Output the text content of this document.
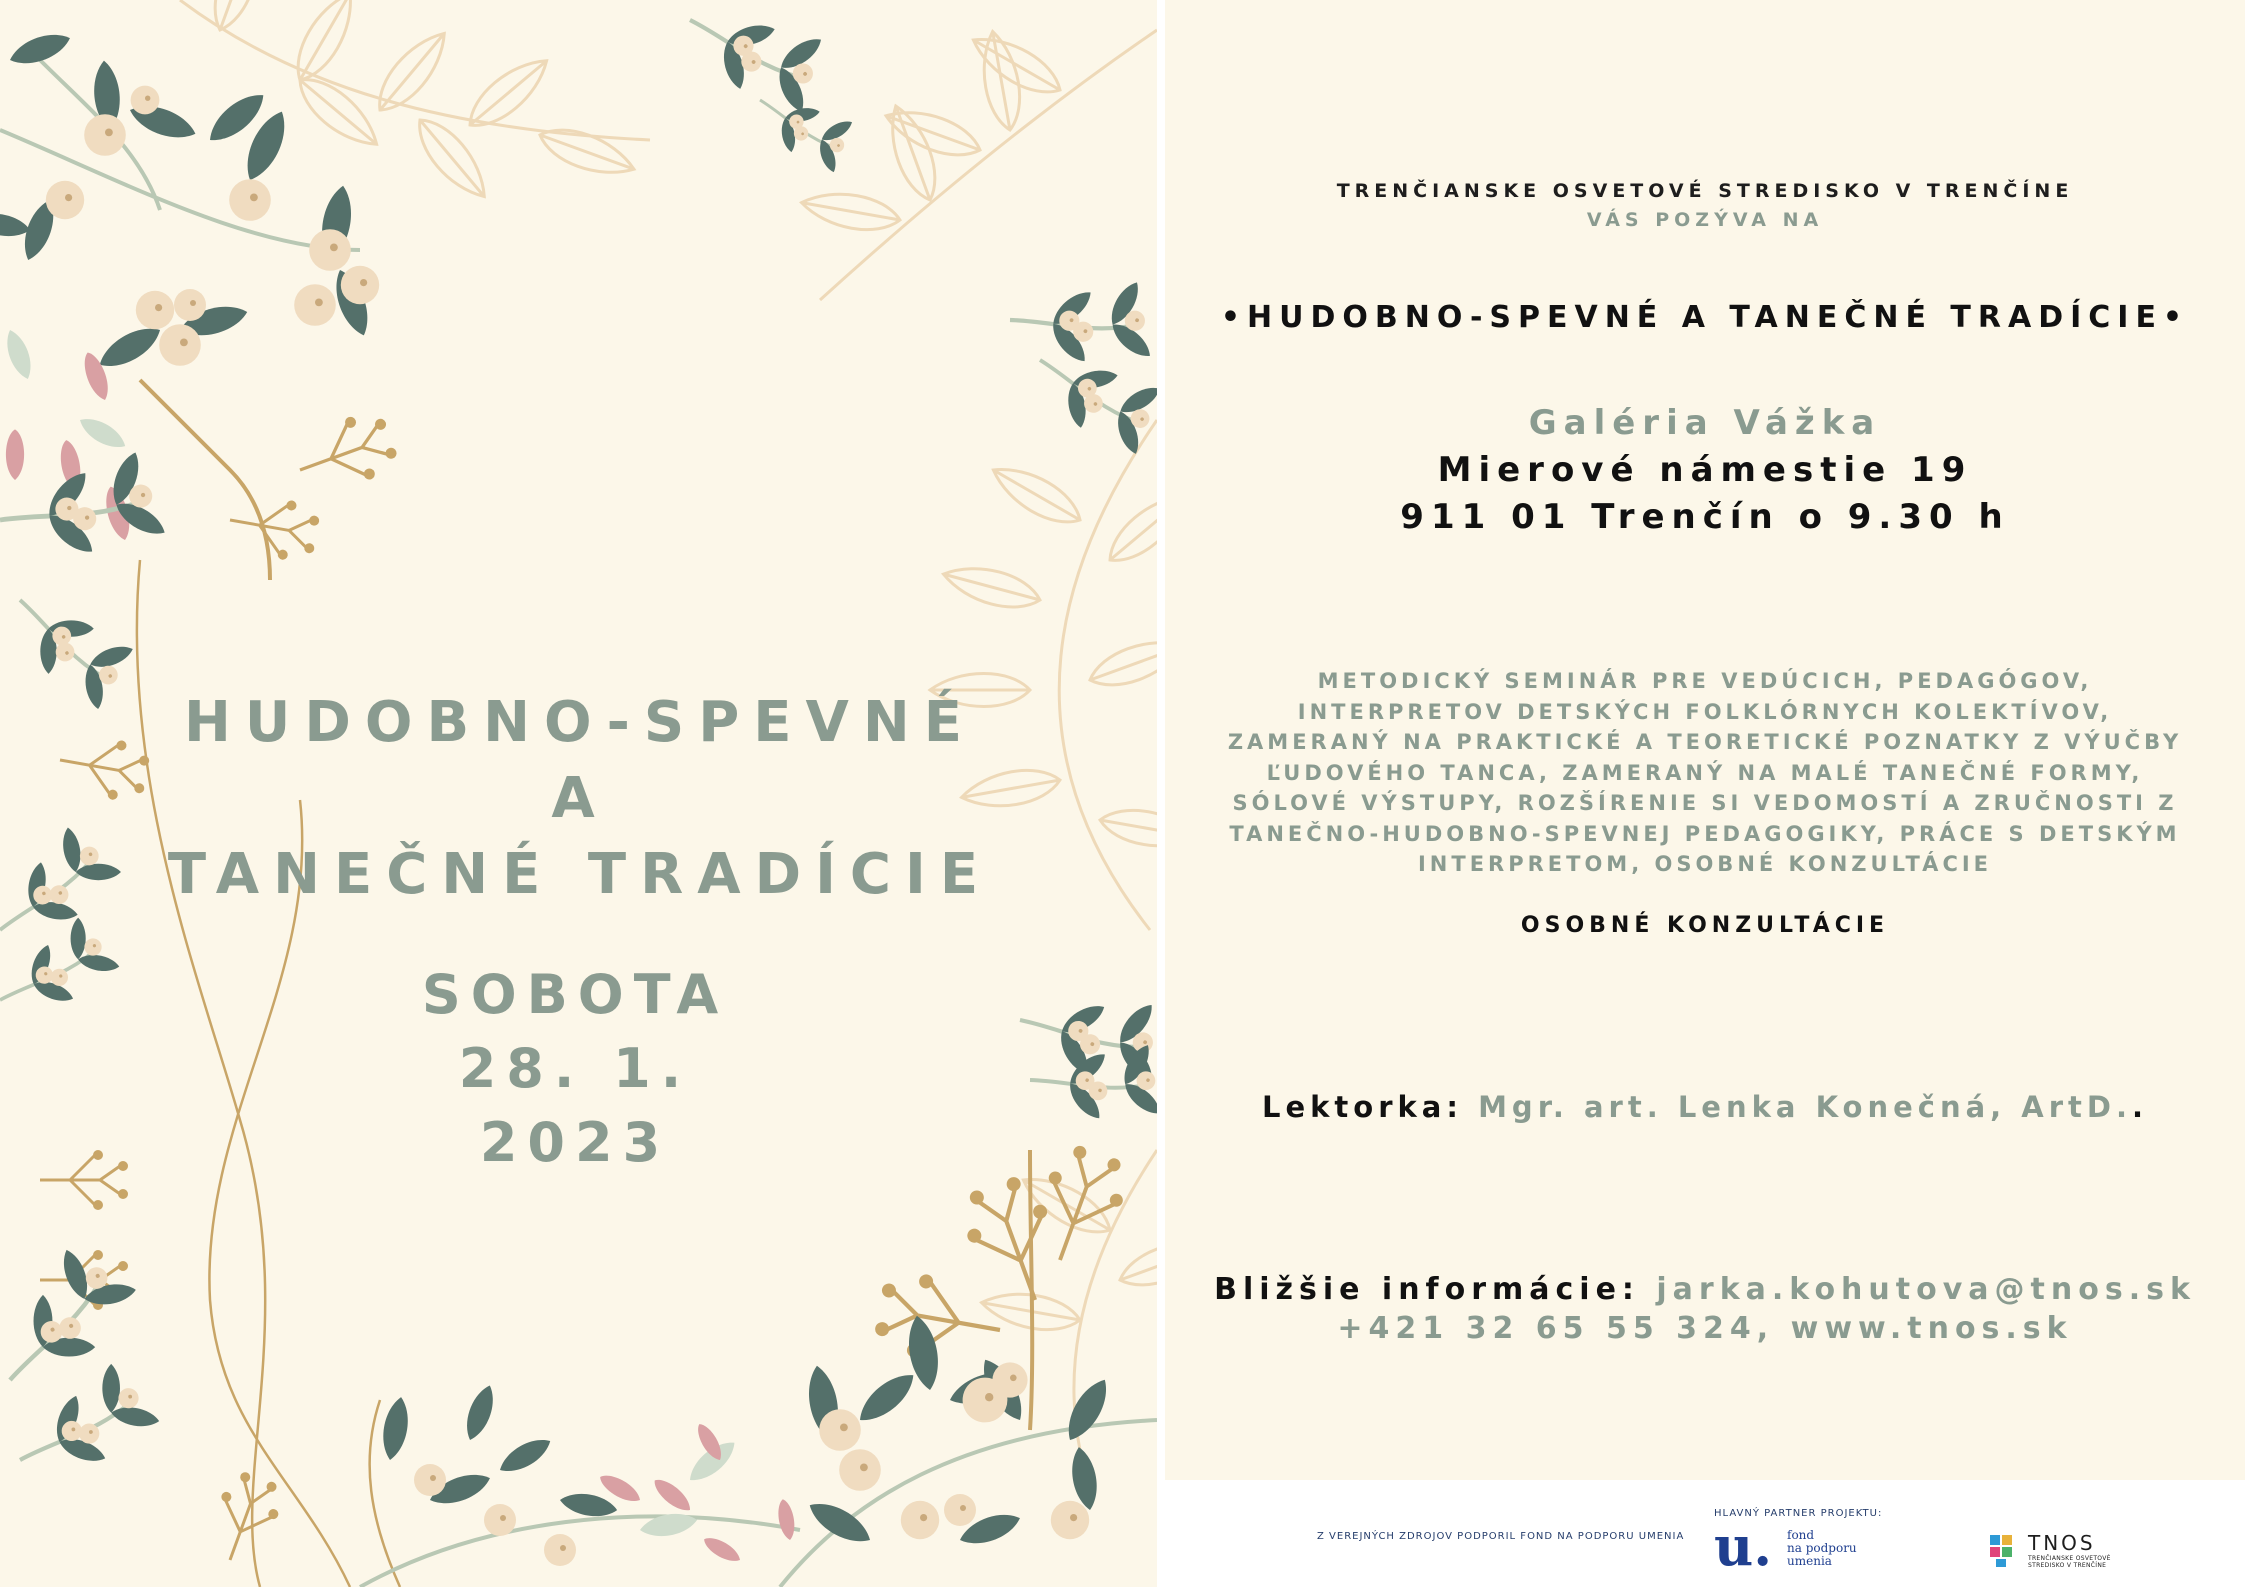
HUDOBNO-SPEVNÉ

A

TANEČNÉ TRADÍCIE

SOBOTA
28. 1.
2023

TRENČIANSKE OSVETOVÉ STREDISKO V TRENČÍNE

VÁS POZÝVA NA

•HUDOBNO-SPEVNÉ A TANEČNÉ TRADÍCIE•

Galéria Vážka

Mierové námestie 19

911 01 Trenčín o 9.30 h

METODICKÝ SEMINÁR PRE VEDÚCICH, PEDAGÓGOV,
INTERPRETOV DETSKÝCH FOLKLÓRNYCH KOLEKTÍVOV,
ZAMERANÝ NA PRAKTICKÉ A TEORETICKÉ POZNATKY Z VÝUČBY
ĽUDOVÉHO TANCA, ZAMERANÝ NA MALÉ TANEČNÉ FORMY,
SÓLOVÉ VÝSTUPY, ROZŠÍRENIE SI VEDOMOSTÍ A ZRUČNOSTI Z
TANEČNO-HUDOBNO-SPEVNEJ PEDAGOGIKY, PRÁCE S DETSKÝM
INTERPRETOM, OSOBNÉ KONZULTÁCIE

OSOBNÉ KONZULTÁCIE

Lektorka: Mgr. art. Lenka Konečná, ArtD..

Bližšie informácie: jarka.kohutova@tnos.sk

+421 32 65 55 324, www.tnos.sk

Z VEREJNÝCH ZDROJOV PODPORIL FOND NA PODPORU UMENIA
HLAVNÝ PARTNER PROJEKTU:
u. fond
na podporu
umenia
TNOS
TRENČIANSKE OSVETOVÉ
STREDISKO V TRENČÍNE
